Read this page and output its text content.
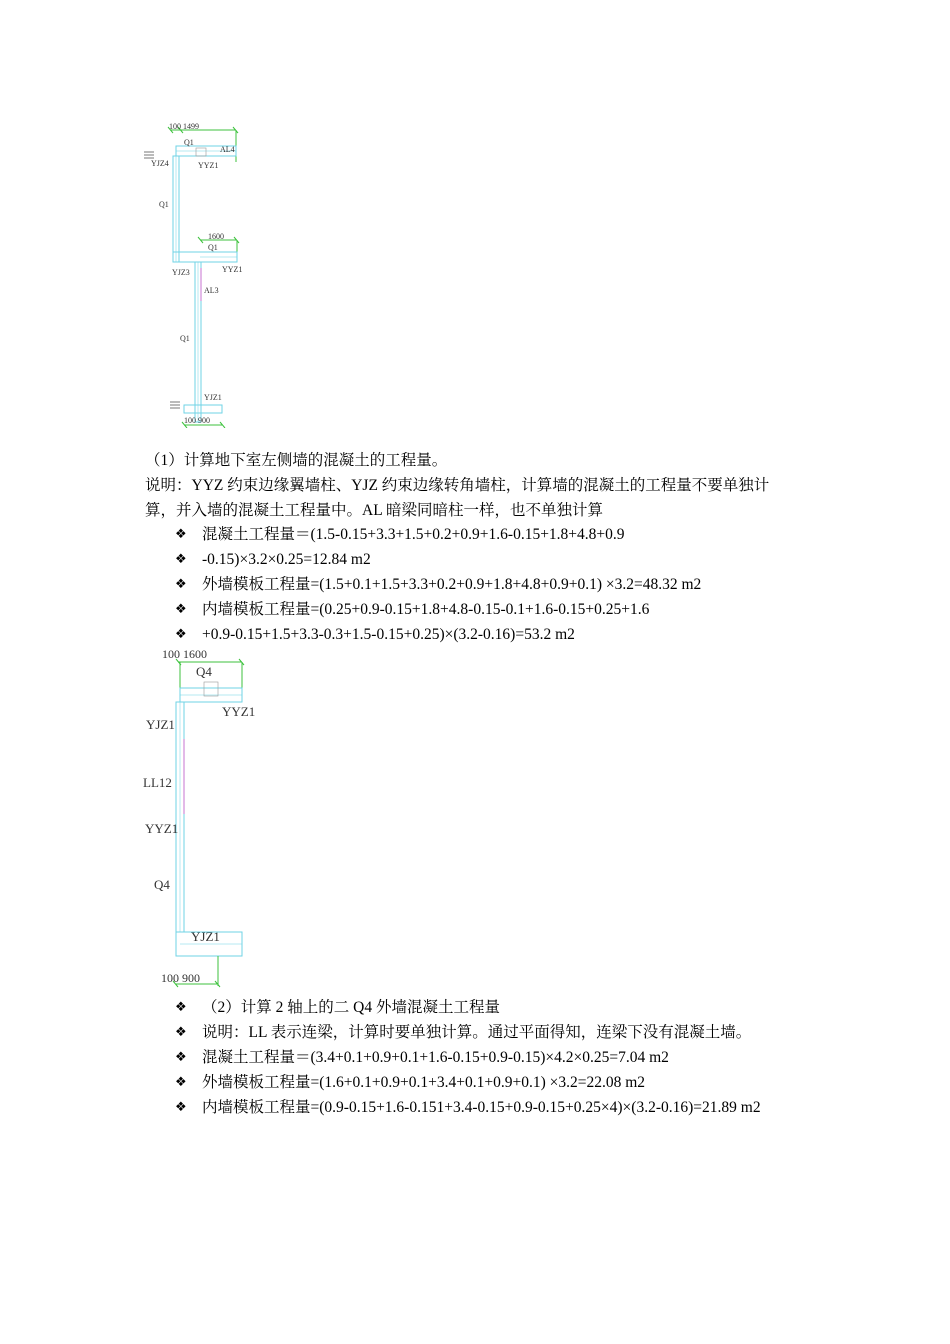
100 1499
Q1
AL4
YJZ4	YYZ1
Q1
1600
Q1
YJZ3	YYZ1
AL3
Q1
YJZ1
100 900
（1）计算地下室左侧墙的混凝土的工程量。
说明：YYZ 约束边缘翼墙柱、YJZ 约束边缘转角墙柱，计算墙的混凝土的工程量不要单独计
算，并入墙的混凝土工程量中。AL 暗梁同暗柱一样，也不单独计算
❖ 混凝土工程量＝(1.5-0.15+3.3+1.5+0.2+0.9+1.6-0.15+1.8+4.8+0.9
❖ -0.15)×3.2×0.25=12.84 m2
❖ 外墙模板工程量=(1.5+0.1+1.5+3.3+0.2+0.9+1.8+4.8+0.9+0.1) ×3.2=48.32 m2
❖ 内墙模板工程量=(0.25+0.9-0.15+1.8+4.8-0.15-0.1+1.6-0.15+0.25+1.6
❖ +0.9-0.15+1.5+3.3-0.3+1.5-0.15+0.25)×(3.2-0.16)=53.2 m2
100 1600
Q4
YYZ1
YJZ1
LL12
YYZ1
Q4
YJZ1
100 900
❖ （2）计算 2 轴上的二 Q4 外墙混凝土工程量
❖ 说明：LL 表示连梁，计算时要单独计算。通过平面得知，连梁下没有混凝土墙。
❖ 混凝土工程量＝(3.4+0.1+0.9+0.1+1.6-0.15+0.9-0.15)×4.2×0.25=7.04 m2
❖ 外墙模板工程量=(1.6+0.1+0.9+0.1+3.4+0.1+0.9+0.1) ×3.2=22.08 m2
❖ 内墙模板工程量=(0.9-0.15+1.6-0.151+3.4-0.15+0.9-0.15+0.25×4)×(3.2-0.16)=21.89 m2
